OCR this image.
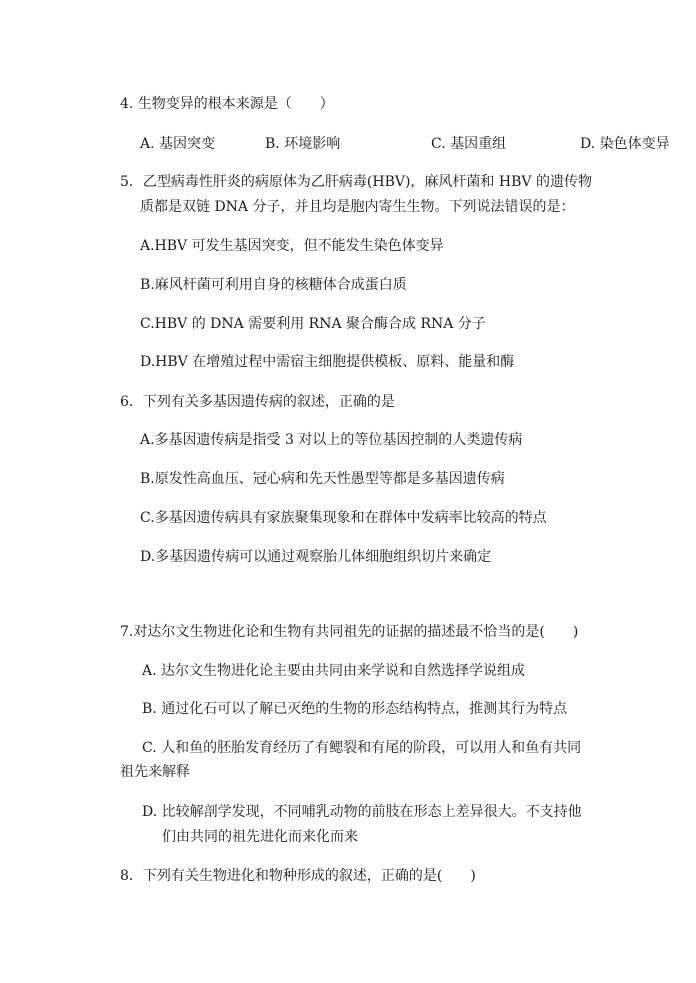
4. 生物变异的根本来源是（　　）
A. 基因突变	B. 环境影响	C. 基因重组	D. 染色体变异
5．乙型病毒性肝炎的病原体为乙肝病毒(HBV)，麻风杆菌和 HBV 的遗传物
质都是双链 DNA 分子，并且均是胞内寄生生物。下列说法错误的是：
A.HBV 可发生基因突变，但不能发生染色体变异
B.麻风杆菌可利用自身的核糖体合成蛋白质
C.HBV 的 DNA 需要利用 RNA 聚合酶合成 RNA 分子
D.HBV 在增殖过程中需宿主细胞提供模板、原料、能量和酶
6．下列有关多基因遗传病的叙述，正确的是
A.多基因遗传病是指受 3 对以上的等位基因控制的人类遗传病
B.原发性高血压、冠心病和先天性愚型等都是多基因遗传病
C.多基因遗传病具有家族聚集现象和在群体中发病率比较高的特点
D.多基因遗传病可以通过观察胎儿体细胞组织切片来确定
7.对达尔文生物进化论和生物有共同祖先的证据的描述最不恰当的是(　　)
A. 达尔文生物进化论主要由共同由来学说和自然选择学说组成
B. 通过化石可以了解已灭绝的生物的形态结构特点，推测其行为特点
C. 人和鱼的胚胎发育经历了有鳃裂和有尾的阶段，可以用人和鱼有共同
祖先来解释
D. 比较解剖学发现，不同哺乳动物的前肢在形态上差异很大。不支持他
们由共同的祖先进化而来化而来
8．下列有关生物进化和物种形成的叙述，正确的是(　　)
